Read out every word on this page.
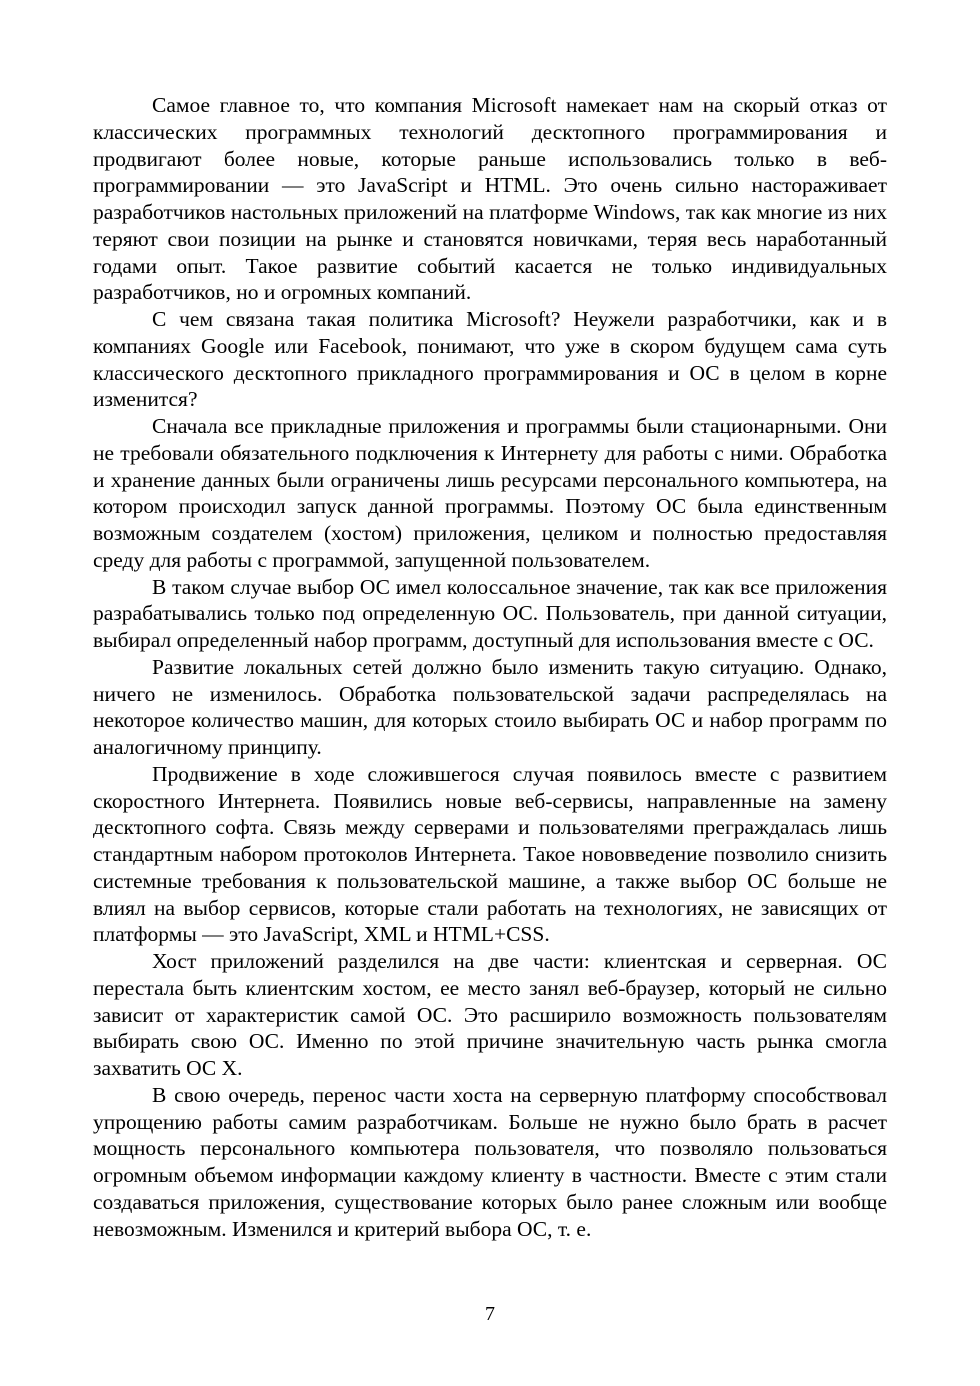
Самое главное то, что компания Microsoft намекает нам на скорый отказ от классических программных технологий десктопного программирования и продвигают более новые, которые раньше использовались только в веб-программировании — это JavaScript и HTML. Это очень сильно настораживает разработчиков настольных приложений на платформе Windows, так как многие из них теряют свои позиции на рынке и становятся новичками, теряя весь наработанный годами опыт. Такое развитие событий касается не только индивидуальных разработчиков, но и огромных компаний.

С чем связана такая политика Microsoft? Неужели разработчики, как и в компаниях Google или Facebook, понимают, что уже в скором будущем сама суть классического десктопного прикладного программирования и ОС в целом в корне изменится?

Сначала все прикладные приложения и программы были стационарными. Они не требовали обязательного подключения к Интернету для работы с ними. Обработка и хранение данных были ограничены лишь ресурсами персонального компьютера, на котором происходил запуск данной программы. Поэтому ОС была единственным возможным создателем (хостом) приложения, целиком и полностью предоставляя среду для работы с программой, запущенной пользователем.

В таком случае выбор ОС имел колоссальное значение, так как все приложения разрабатывались только под определенную ОС. Пользователь, при данной ситуации, выбирал определенный набор программ, доступный для использования вместе с ОС.

Развитие локальных сетей должно было изменить такую ситуацию. Однако, ничего не изменилось. Обработка пользовательской задачи распределялась на некоторое количество машин, для которых стоило выбирать ОС и набор программ по аналогичному принципу.

Продвижение в ходе сложившегося случая появилось вместе с развитием скоростного Интернета. Появились новые веб-сервисы, направленные на замену десктопного софта. Связь между серверами и пользователями преграждалась лишь стандартным набором протоколов Интернета. Такое нововведение позволило снизить системные требования к пользовательской машине, а также выбор ОС больше не влиял на выбор сервисов, которые стали работать на технологиях, не зависящих от платформы — это JavaScript, XML и HTML+CSS.

Хост приложений разделился на две части: клиентская и серверная. ОС перестала быть клиентским хостом, ее место занял веб-браузер, который не сильно зависит от характеристик самой ОС. Это расширило возможность пользователям выбирать свою ОС. Именно по этой причине значительную часть рынка смогла захватить ОС X.

В свою очередь, перенос части хоста на серверную платформу способствовал упрощению работы самим разработчикам. Больше не нужно было брать в расчет мощность персонального компьютера пользователя, что позволяло пользоваться огромным объемом информации каждому клиенту в частности. Вместе с этим стали создаваться приложения, существование которых было ранее сложным или вообще невозможным. Изменился и критерий выбора ОС, т. е.

7
